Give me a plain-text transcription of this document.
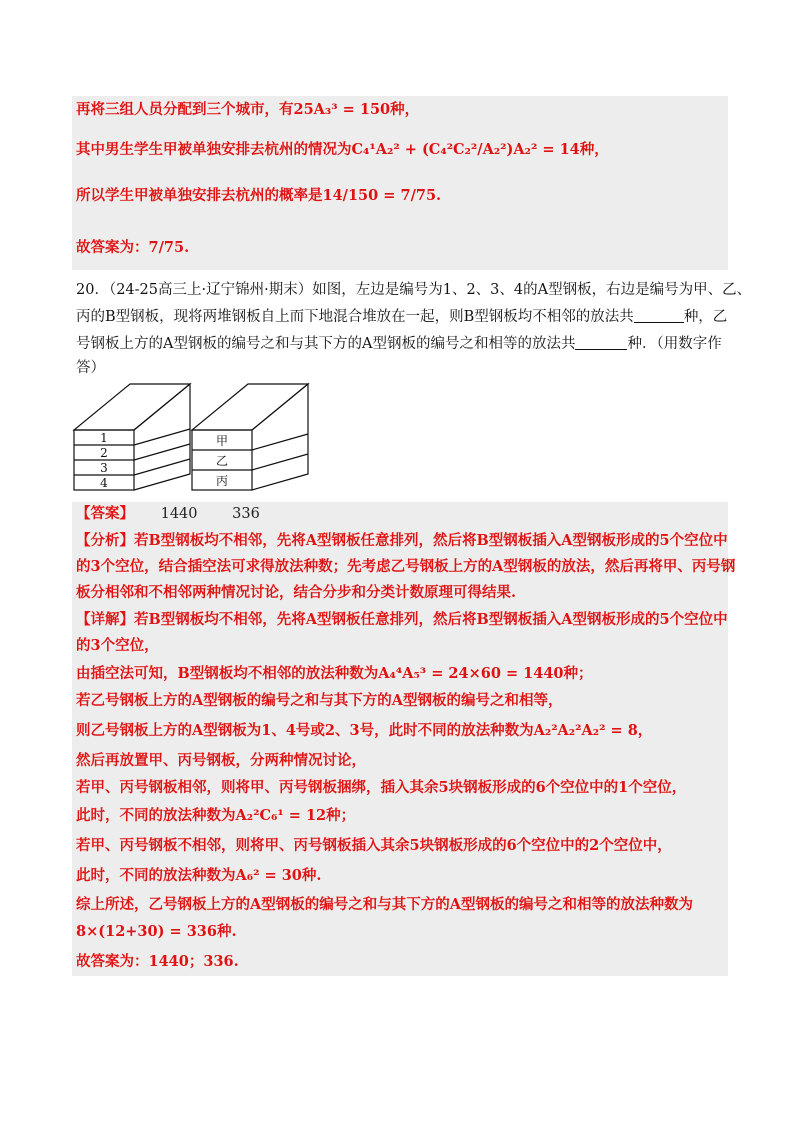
再将三组人员分配到三个城市，有25A₃³ = 150种，
其中男生学生甲被单独安排去杭州的情况为C₄¹A₂² + (C₄²C₂²/A₂²)A₂² = 14种，
所以学生甲被单独安排去杭州的概率是14/150 = 7/75.
故答案为：7/75.
20．（24-25高三上·辽宁锦州·期末）如图，左边是编号为1、2、3、4的A型钢板，右边是编号为甲、乙、
丙的B型钢板，现将两堆钢板自上而下地混合堆放在一起，则B型钢板均不相邻的放法共	种，乙
号钢板上方的A型钢板的编号之和与其下方的A型钢板的编号之和相等的放法共	种．（用数字作
答）
1
2
3
4
甲
乙
丙
【答案】 1440 336
【分析】若B型钢板均不相邻，先将A型钢板任意排列，然后将B型钢板插入A型钢板形成的5个空位中
的3个空位，结合插空法可求得放法种数；先考虑乙号钢板上方的A型钢板的放法，然后再将甲、丙号钢
板分相邻和不相邻两种情况讨论，结合分步和分类计数原理可得结果.
【详解】若B型钢板均不相邻，先将A型钢板任意排列，然后将B型钢板插入A型钢板形成的5个空位中
的3个空位，
由插空法可知，B型钢板均不相邻的放法种数为A₄⁴A₅³ = 24×60 = 1440种；
若乙号钢板上方的A型钢板的编号之和与其下方的A型钢板的编号之和相等，
则乙号钢板上方的A型钢板为1、4号或2、3号，此时不同的放法种数为A₂²A₂²A₂² = 8，
然后再放置甲、丙号钢板，分两种情况讨论，
若甲、丙号钢板相邻，则将甲、丙号钢板捆绑，插入其余5块钢板形成的6个空位中的1个空位，
此时，不同的放法种数为A₂²C₆¹ = 12种；
若甲、丙号钢板不相邻，则将甲、丙号钢板插入其余5块钢板形成的6个空位中的2个空位中，
此时，不同的放法种数为A₆² = 30种.
综上所述，乙号钢板上方的A型钢板的编号之和与其下方的A型钢板的编号之和相等的放法种数为
8×(12+30) = 336种.
故答案为：1440；336.
